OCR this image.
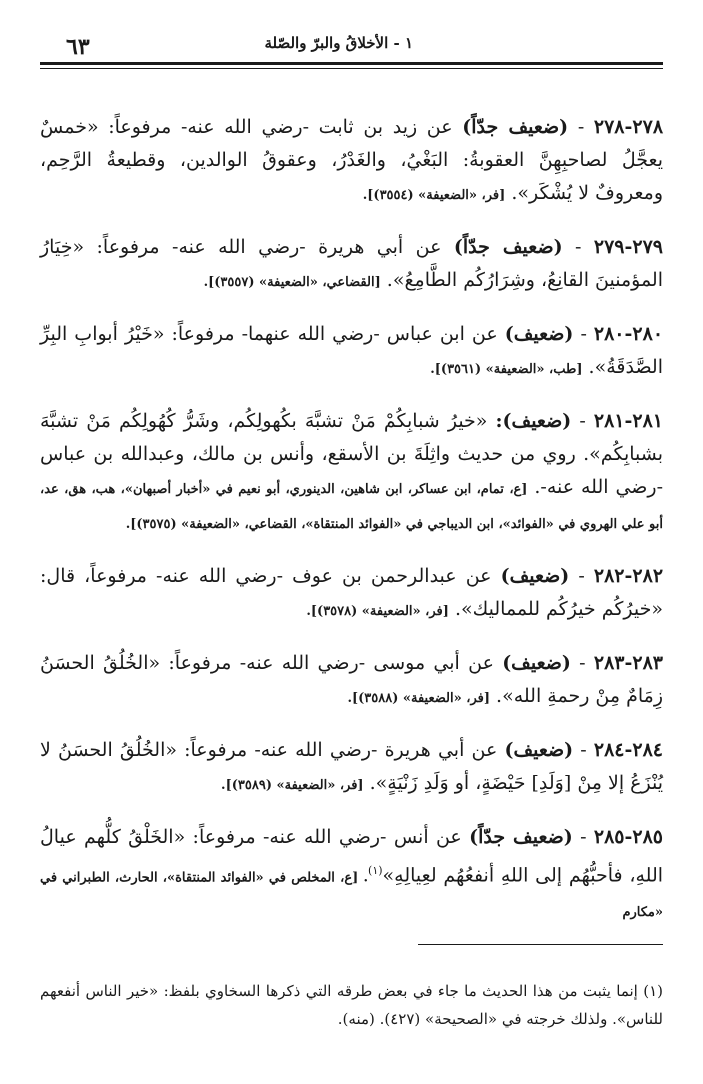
٦٣	١ - الأخلاقُ والبرّ والصّلة

٢٧٨-٢٧٨ - (ضعيف جدّاً) عن زيد بن ثابت -رضي الله عنه- مرفوعاً: «خمسٌ يعجَّلُ لصاحبِهِنَّ العقوبةُ: البَغْيُ، والغَدْرُ، وعقوقُ الوالدين، وقطيعةُ الرَّحِم، ومعروفٌ لا يُشْكَر». [فر، «الضعيفة» (٣٥٥٤)].

٢٧٩-٢٧٩ - (ضعيف جدّاً) عن أبي هريرة -رضي الله عنه- مرفوعاً: «خِيَارُ المؤمنينَ القانِعُ، وشِرَارُكُم الطَّامِعُ». [القضاعي، «الضعيفة» (٣٥٥٧)].

٢٨٠-٢٨٠ - (ضعيف) عن ابن عباس -رضي الله عنهما- مرفوعاً: «خَيْرُ أبوابِ البِرِّ الصَّدَقَةُ». [طب، «الضعيفة» (٣٥٦١)].

٢٨١-٢٨١ - (ضعيف): «خيرُ شبابِكُمْ مَنْ تشبَّهَ بكُهولِكُم، وشَرُّ كُهُولِكُم مَنْ تشبَّهَ بشبابِكُم». روي من حديث واثِلَةَ بن الأسقع، وأنس بن مالك، وعبدالله بن عباس -رضي الله عنه-. [ع، تمام، ابن عساكر، ابن شاهين، الدينوري، أبو نعيم في «أخبار أصبهان»، هب، هق، عد، أبو علي الهروي في «الفوائد»، ابن الديباجي في «الفوائد المنتقاة»، القضاعي، «الضعيفة» (٣٥٧٥)].

٢٨٢-٢٨٢ - (ضعيف) عن عبدالرحمن بن عوف -رضي الله عنه- مرفوعاً، قال: «خيرُكُم خيرُكُم للمماليك». [فر، «الضعيفة» (٣٥٧٨)].

٢٨٣-٢٨٣ - (ضعيف) عن أبي موسى -رضي الله عنه- مرفوعاً: «الخُلُقُ الحسَنُ زِمَامٌ مِنْ رحمةِ الله». [فر، «الضعيفة» (٣٥٨٨)].

٢٨٤-٢٨٤ - (ضعيف) عن أبي هريرة -رضي الله عنه- مرفوعاً: «الخُلُقُ الحسَنُ لا يُنْزَعُ إلا مِنْ [وَلَدِ] حَيْضَةٍ، أو وَلَدِ زَنْيَةٍ». [فر، «الضعيفة» (٣٥٨٩)].

٢٨٥-٢٨٥ - (ضعيف جدّاً) عن أنس -رضي الله عنه- مرفوعاً: «الخَلْقُ كلُّهم عيالُ اللهِ، فأحبُّهُم إلى اللهِ أنفعُهُم لعِيالِهِ»$^{(١)}$. [ع، المخلص في «الفوائد المنتقاة»، الحارث، الطبراني في «مكارم

(١) إنما يثبت من هذا الحديث ما جاء في بعض طرقه التي ذكرها السخاوي بلفظ: «خير الناس أنفعهم للناس». ولذلك خرجته في «الصحيحة» (٤٢٧). (منه).
